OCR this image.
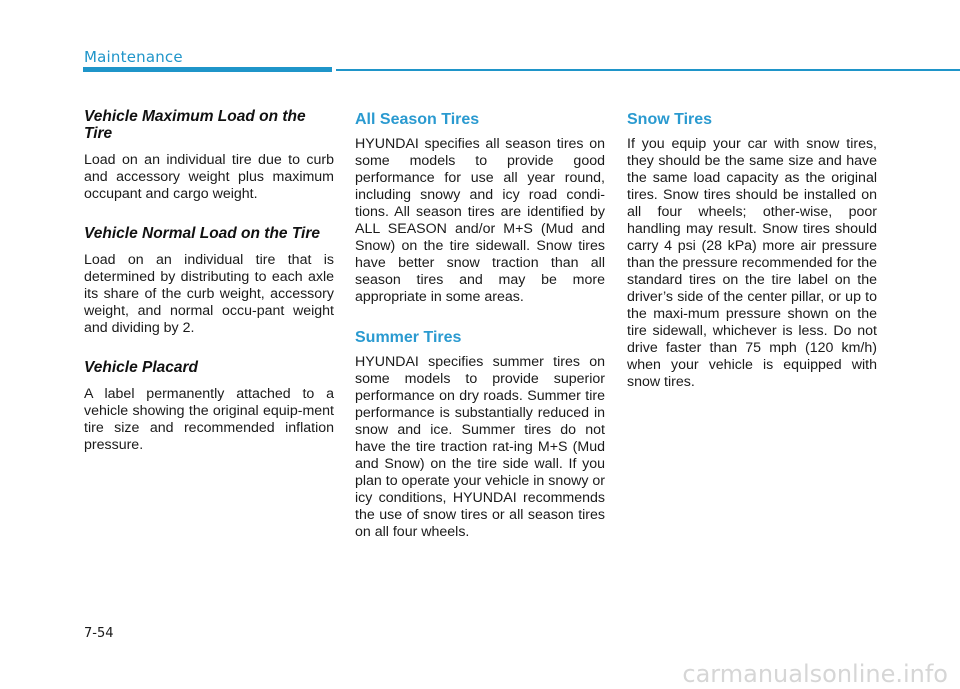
Maintenance
Vehicle Maximum Load on the Tire

Load on an individual tire due to curb and accessory weight plus maximum occupant and cargo weight.

Vehicle Normal Load on the Tire

Load on an individual tire that is determined by distributing to each axle its share of the curb weight, accessory weight, and normal occu-pant weight and dividing by 2.

Vehicle Placard

A label permanently attached to a vehicle showing the original equip-ment tire size and recommended inflation pressure.

All Season Tires

HYUNDAI specifies all season tires on some models to provide good performance for use all year round, including snowy and icy road condi-tions. All season tires are identified by ALL SEASON and/or M+S (Mud and Snow) on the tire sidewall. Snow tires have better snow traction than all season tires and may be more appropriate in some areas.

Summer Tires

HYUNDAI specifies summer tires on some models to provide superior performance on dry roads. Summer tire performance is substantially reduced in snow and ice. Summer tires do not have the tire traction rat-ing M+S (Mud and Snow) on the tire side wall. If you plan to operate your vehicle in snowy or icy conditions, HYUNDAI recommends the use of snow tires or all season tires on all four wheels.

Snow Tires

If you equip your car with snow tires, they should be the same size and have the same load capacity as the original tires. Snow tires should be installed on all four wheels; other-wise, poor handling may result. Snow tires should carry 4 psi (28 kPa) more air pressure than the pressure recommended for the standard tires on the tire label on the driver’s side of the center pillar, or up to the maxi-mum pressure shown on the tire sidewall, whichever is less. Do not drive faster than 75 mph (120 km/h) when your vehicle is equipped with snow tires.

7-54
carmanualsonline.info
